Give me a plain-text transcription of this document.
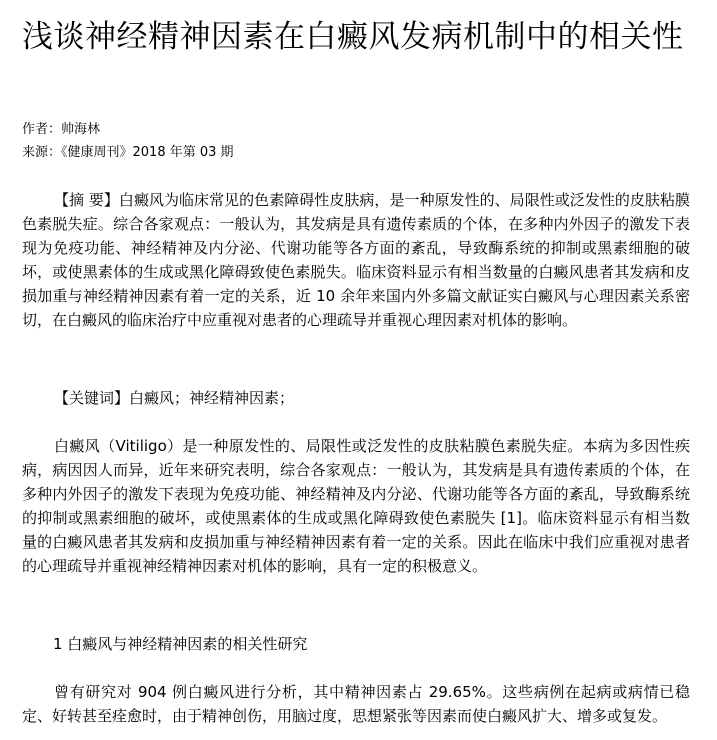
浅谈神经精神因素在白癜风发病机制中的相关性
作者：帅海林
来源：《健康周刊》2018 年第 03 期

【摘 要】白癜风为临床常见的色素障碍性皮肤病，是一种原发性的、局限性或泛发性的皮肤粘膜色素脱失症。综合各家观点：一般认为，其发病是具有遗传素质的个体，在多种内外因子的激发下表现为免疫功能、神经精神及内分泌、代谢功能等各方面的紊乱，导致酶系统的抑制或黑素细胞的破坏，或使黑素体的生成或黑化障碍致使色素脱失。临床资料显示有相当数量的白癜风患者其发病和皮损加重与神经精神因素有着一定的关系，近 10 余年来国内外多篇文献证实白癜风与心理因素关系密切，在白癜风的临床治疗中应重视对患者的心理疏导并重视心理因素对机体的影响。

【关键词】白癜风；神经精神因素；

白癜风（Vitiligo）是一种原发性的、局限性或泛发性的皮肤粘膜色素脱失症。本病为多因性疾病，病因因人而异，近年来研究表明，综合各家观点：一般认为，其发病是具有遗传素质的个体，在多种内外因子的激发下表现为免疫功能、神经精神及内分泌、代谢功能等各方面的紊乱，导致酶系统的抑制或黑素细胞的破坏，或使黑素体的生成或黑化障碍致使色素脱失 [1]。临床资料显示有相当数量的白癜风患者其发病和皮损加重与神经精神因素有着一定的关系。因此在临床中我们应重视对患者的心理疏导并重视神经精神因素对机体的影响，具有一定的积极意义。

1 白癜风与神经精神因素的相关性研究

曾有研究对 904 例白癜风进行分析，其中精神因素占 29.65%。这些病例在起病或病情已稳定、好转甚至痊愈时，由于精神创伤，用脑过度，思想紧张等因素而使白癜风扩大、增多或复发。
